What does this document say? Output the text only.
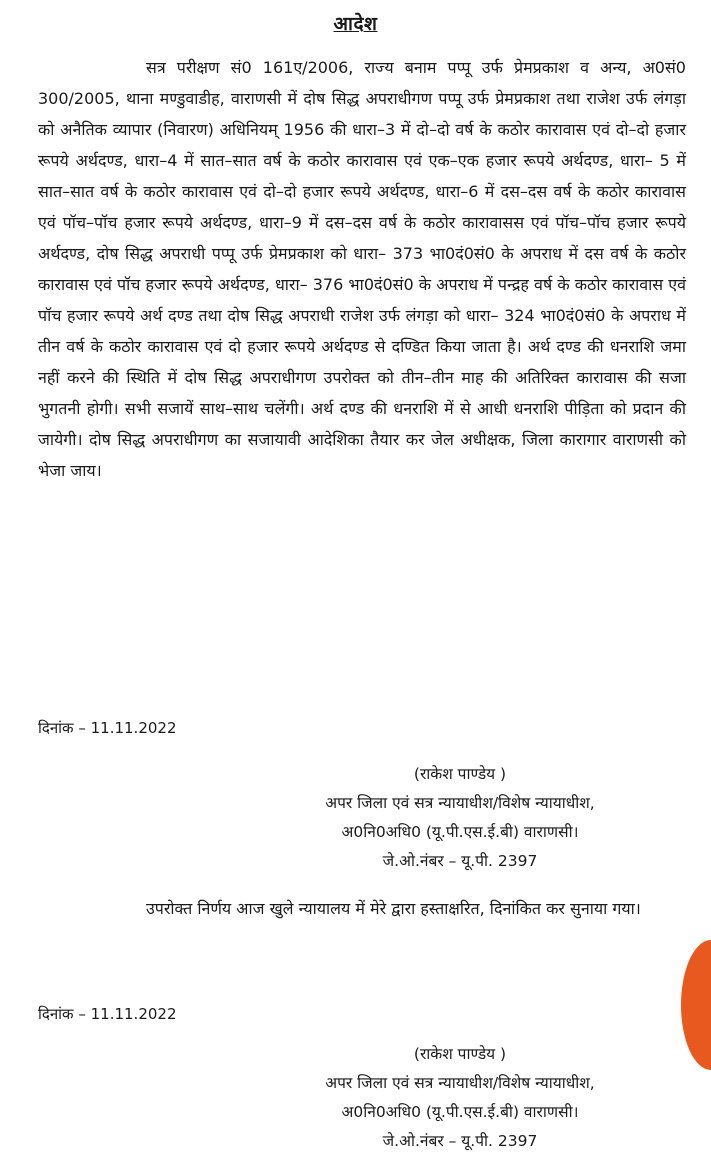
आदेश

सत्र परीक्षण सं0 161ए/2006, राज्य बनाम पप्पू उर्फ प्रेमप्रकाश व अन्य, अ0सं0 300/2005, थाना मण्डुवाडीह, वाराणसी में दोष सिद्ध अपराधीगण पप्पू उर्फ प्रेमप्रकाश तथा राजेश उर्फ लंगड़ा को अनैतिक व्यापार (निवारण) अधिनियम् 1956 की धारा–3 में दो–दो वर्ष के कठोर कारावास एवं दो–दो हजार रूपये अर्थदण्ड, धारा–4 में सात–सात वर्ष के कठोर कारावास एवं एक–एक हजार रूपये अर्थदण्ड, धारा– 5 में सात–सात वर्ष के कठोर कारावास एवं दो–दो हजार रूपये अर्थदण्ड, धारा–6 में दस–दस वर्ष के कठोर कारावास एवं पॉच–पॉच हजार रूपये अर्थदण्ड, धारा–9 में दस–दस वर्ष के कठोर कारावासस एवं पॉच–पॉच हजार रूपये अर्थदण्ड, दोष सिद्ध अपराधी पप्पू उर्फ प्रेमप्रकाश को धारा– 373 भा0दं0सं0 के अपराध में दस वर्ष के कठोर कारावास एवं पॉच हजार रूपये अर्थदण्ड, धारा– 376 भा0दं0सं0 के अपराध में पन्द्रह वर्ष के कठोर कारावास एवं पॉच हजार रूपये अर्थ दण्ड तथा दोष सिद्ध अपराधी राजेश उर्फ लंगड़ा को धारा– 324 भा0दं0सं0 के अपराध में तीन वर्ष के कठोर कारावास एवं दो हजार रूपये अर्थदण्ड से दण्डित किया जाता है। अर्थ दण्ड की धनराशि जमा नहीं करने की स्थिति में दोष सिद्ध अपराधीगण उपरोक्त को तीन–तीन माह की अतिरिक्त कारावास की सजा भुगतनी होगी। सभी सजायें साथ–साथ चलेंगी। अर्थ दण्ड की धनराशि में से आधी धनराशि पीड़िता को प्रदान की जायेगी। दोष सिद्ध अपराधीगण का सजायावी आदेशिका तैयार कर जेल अधीक्षक, जिला कारागार वाराणसी को भेजा जाय।

दिनांक – 11.11.2022
(राकेश पाण्डेय )
अपर जिला एवं सत्र न्यायाधीश/विशेष न्यायाधीश,
अ0नि0अधि0 (यू.पी.एस.ई.बी) वाराणसी।
जे.ओ.नंबर – यू.पी. 2397

उपरोक्त निर्णय आज खुले न्यायालय में मेरे द्वारा हस्ताक्षरित, दिनांकित कर सुनाया गया।

दिनांक – 11.11.2022
(राकेश पाण्डेय )
अपर जिला एवं सत्र न्यायाधीश/विशेष न्यायाधीश,
अ0नि0अधि0 (यू.पी.एस.ई.बी) वाराणसी।
जे.ओ.नंबर – यू.पी. 2397
